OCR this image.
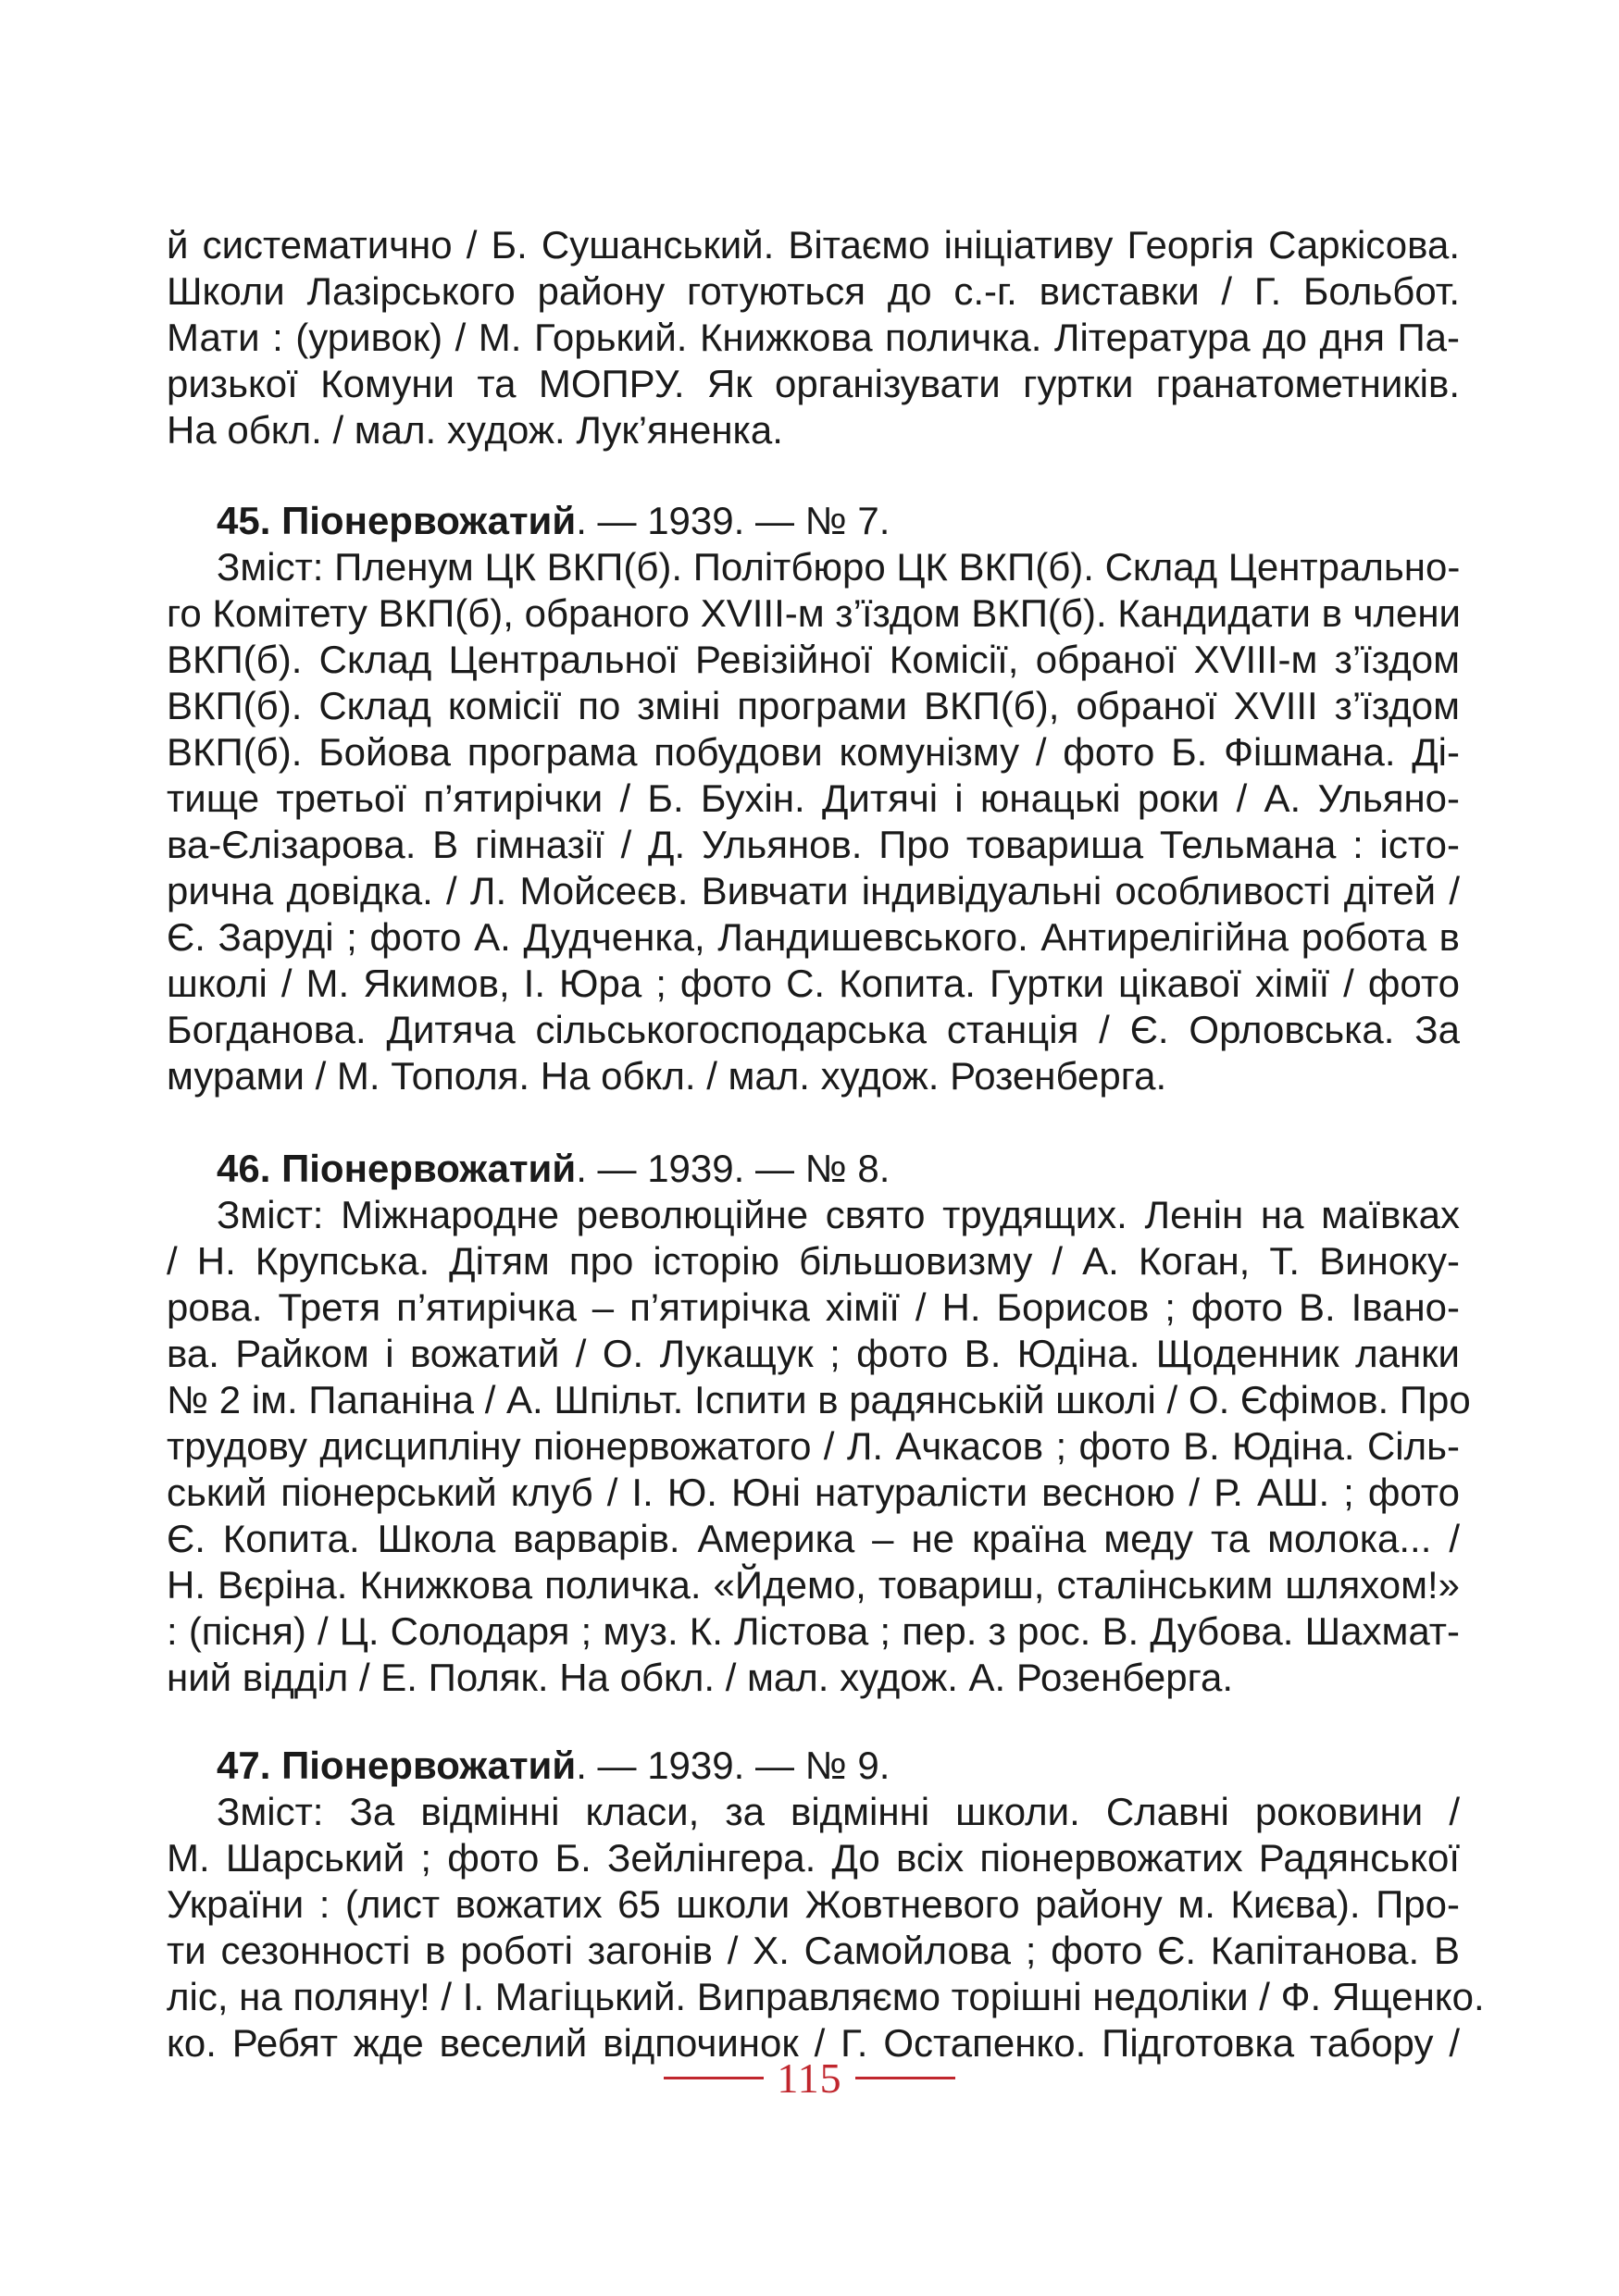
й систематично / Б. Сушанський. Вітаємо ініціативу Георгія Саркісова.
Школи Лазірського району готуються до с.-г. виставки / Г. Больбот.
Мати : (уривок) / М. Горький. Книжкова поличка. Література до дня Па-
ризької Комуни та МОПРУ. Як організувати гуртки гранатометників.
На обкл. / мал. худож. Лук’яненка.
45. Піонервожатий. — 1939. — № 7.
Зміст: Пленум ЦК ВКП(б). Політбюро ЦК ВКП(б). Склад Центрально-
го Комітету ВКП(б), обраного XVIII-м з’їздом ВКП(б). Кандидати в члени
ВКП(б). Склад Центральної Ревізійної Комісії, обраної XVIII-м з’їздом
ВКП(б). Склад комісії по зміні програми ВКП(б), обраної XVIII з’їздом
ВКП(б). Бойова програма побудови комунізму / фото Б. Фішмана. Ді-
тище третьої п’ятирічки / Б. Бухін. Дитячі і юнацькі роки / А. Ульяно-
ва-Єлізарова. В гімназії / Д. Ульянов. Про товариша Тельмана : істо-
рична довідка. / Л. Мойсеєв. Вивчати індивідуальні особливості дітей /
Є. Заруді ; фото А. Дудченка, Ландишевського. Антирелігійна робота в
школі / М. Якимов, І. Юра ; фото С. Копита. Гуртки цікавої хімії / фото
Богданова. Дитяча сільськогосподарська станція / Є. Орловська. За
мурами / М. Тополя. На обкл. / мал. худож. Розенберга.
46. Піонервожатий. — 1939. — № 8.
Зміст: Міжнародне революційне свято трудящих. Ленін на маївках
/ Н. Крупська. Дітям про історію більшовизму / А. Коган, Т. Виноку-
рова. Третя п’ятирічка – п’ятирічка хімії / Н. Борисов ; фото В. Івано-
ва. Райком і вожатий / О. Лукащук ; фото В. Юдіна. Щоденник ланки
№ 2 ім. Папаніна / А. Шпільт. Іспити в радянській школі / О. Єфімов. Про
трудову дисципліну піонервожатого / Л. Ачкасов ; фото В. Юдіна. Сіль-
ський піонерський клуб / І. Ю. Юні натуралісти весною / Р. АШ. ; фото
Є. Копита. Школа варварів. Америка – не країна меду та молока... /
Н. Вєріна. Книжкова поличка. «Йдемо, товариш, сталінським шляхом!»
: (пісня) / Ц. Солодаря ; муз. К. Лістова ; пер. з рос. В. Дубова. Шахмат-
ний відділ / Е. Поляк. На обкл. / мал. худож. А. Розенберга.
47. Піонервожатий. — 1939. — № 9.
Зміст: За відмінні класи, за відмінні школи. Славні роковини /
М. Шарський ; фото Б. Зейлінгера. До всіх піонервожатих Радянської
України : (лист вожатих 65 школи Жовтневого району м. Києва). Про-
ти сезонності в роботі загонів / Х. Самойлова ; фото Є. Капітанова. В
ліс, на поляну! / І. Магіцький. Виправляємо торішні недоліки / Ф. Ященко.
ко. Ребят жде веселий відпочинок / Г. Остапенко. Підготовка табору /
115
